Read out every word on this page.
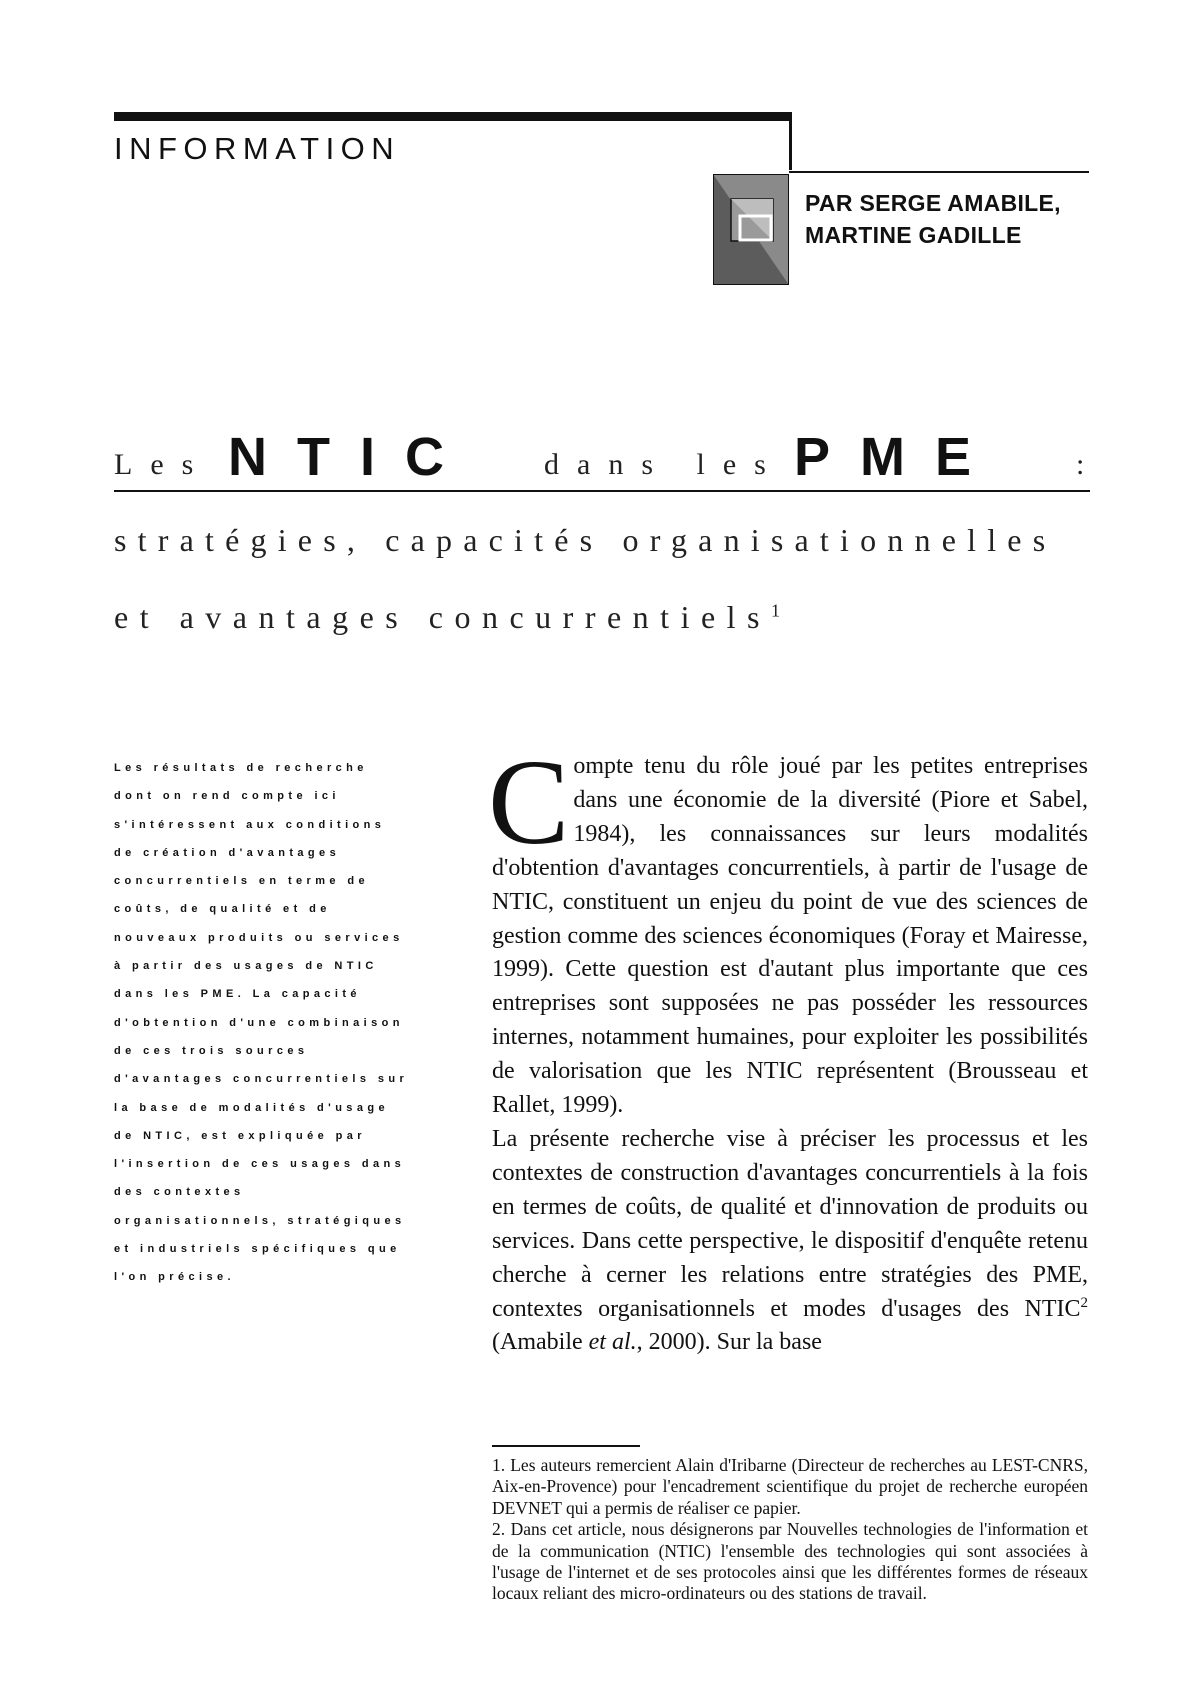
INFORMATION
PAR SERGE AMABILE,
MARTINE GADILLE
Les NTIC dans les PME :
stratégies, capacités organisationnelles
et avantages concurrentiels$^1$
Les résultats de recherche dont on rend compte ici s'intéressent aux conditions de création d'avantages concurrentiels en terme de coûts, de qualité et de nouveaux produits ou services à partir des usages de NTIC dans les PME. La capacité d'obtention d'une combinaison de ces trois sources d'avantages concurrentiels sur la base de modalités d'usage de NTIC, est expliquée par l'insertion de ces usages dans des contextes organisationnels, stratégiques et industriels spécifiques que l'on précise.
C ompte tenu du rôle joué par les petites entreprises dans une économie de la diversité (Piore et Sabel, 1984), les connaissances sur leurs modalités d'obtention d'avantages concurrentiels, à partir de l'usage de NTIC, constituent un enjeu du point de vue des sciences de gestion comme des sciences économiques (Foray et Mairesse, 1999). Cette question est d'autant plus importante que ces entreprises sont supposées ne pas posséder les ressources internes, notamment humaines, pour exploiter les possibilités de valorisation que les NTIC représentent (Brousseau et Rallet, 1999).
La présente recherche vise à préciser les processus et les contextes de construction d'avantages concurrentiels à la fois en termes de coûts, de qualité et d'innovation de produits ou services. Dans cette perspective, le dispositif d'enquête retenu cherche à cerner les relations entre stratégies des PME, contextes organisationnels et modes d'usages des NTIC$^2$ (Amabile et al., 2000). Sur la base

1. Les auteurs remercient Alain d'Iribarne (Directeur de recherches au LEST-CNRS, Aix-en-Provence) pour l'encadrement scientifique du projet de recherche européen DEVNET qui a permis de réaliser ce papier.

2. Dans cet article, nous désignerons par Nouvelles technologies de l'information et de la communication (NTIC) l'ensemble des technologies qui sont associées à l'usage de l'internet et de ses protocoles ainsi que les différentes formes de réseaux locaux reliant des micro-ordinateurs ou des stations de travail.
